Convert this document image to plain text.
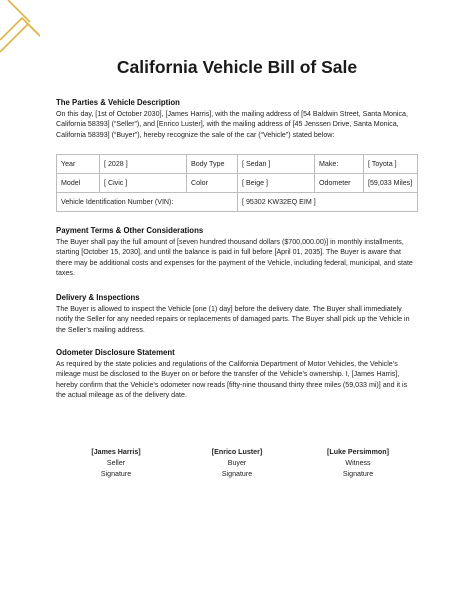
California Vehicle Bill of Sale
The Parties & Vehicle Description
On this day, [1st of October 2030], [James Harris], with the mailing address of [54 Baldwin Street, Santa Monica,
California 58393] (“Seller”), and [Enrico Luster], with the mailing address of [45 Jenssen Drive, Santa Monica,
California 58393] (“Buyer”), hereby recognize the sale of the car (“Vehicle”) stated below:
Year	[ 2028 ]	Body Type	[ Sedan ]	Make:	[ Toyota ]
Model	[ Civic ]	Color	[ Beige ]	Odometer	[59,033 Miles]
Vehicle Identification Number (VIN):			[ 95302 KW32EQ EIM ]		
Payment Terms & Other Considerations
The Buyer shall pay the full amount of [seven hundred thousand dollars ($700,000.00)] in monthly installments,
starting [October 15, 2030], and until the balance is paid in full before [April 01, 2035]. The Buyer is aware that
there may be additional costs and expenses for the payment of the Vehicle, including federal, municipal, and state
taxes.
Delivery & Inspections
The Buyer is allowed to inspect the Vehicle [one (1) day] before the delivery date. The Buyer shall immediately
notify the Seller for any needed repairs or replacements of damaged parts. The Buyer shall pick up the Vehicle in
the Seller’s mailing address.
Odometer Disclosure Statement
As required by the state policies and regulations of the California Department of Motor Vehicles, the Vehicle’s
mileage must be disclosed to the Buyer on or before the transfer of the Vehicle’s ownership. I, [James Harris],
hereby confirm that the Vehicle’s odometer now reads [fifty-nine thousand thirty three miles (59,033 mi)] and it is
the actual mileage as of the delivery date.
[James Harris]
Seller
Signature
[Enrico Luster]
Buyer
Signature
[Luke Persimmon]
Witness
Signature
